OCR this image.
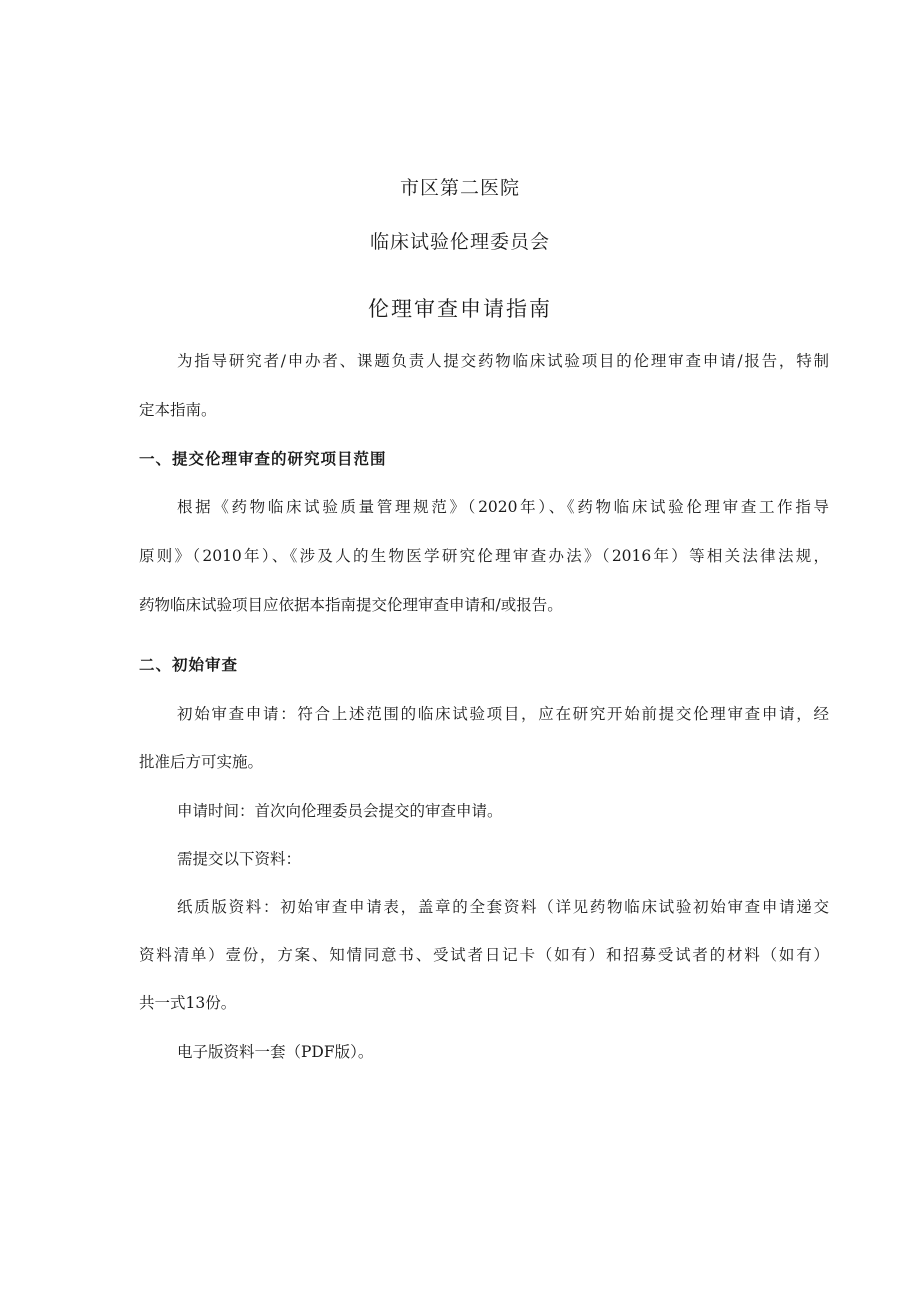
市区第二医院
临床试验伦理委员会
伦理审查申请指南
为指导研究者/申办者、课题负责人提交药物临床试验项目的伦理审查申请/报告，特制
定本指南。
一、提交伦理审查的研究项目范围
根据《药物临床试验质量管理规范》（2020年）、《药物临床试验伦理审查工作指导
原则》（2010年）、《涉及人的生物医学研究伦理审查办法》（2016年）等相关法律法规，
药物临床试验项目应依据本指南提交伦理审查申请和/或报告。
二、初始审查
初始审查申请：符合上述范围的临床试验项目，应在研究开始前提交伦理审查申请，经
批准后方可实施。
申请时间：首次向伦理委员会提交的审查申请。
需提交以下资料：
纸质版资料：初始审查申请表，盖章的全套资料（详见药物临床试验初始审查申请递交
资料清单）壹份，方案、知情同意书、受试者日记卡（如有）和招募受试者的材料（如有）
共一式13份。
电子版资料一套（PDF版）。
